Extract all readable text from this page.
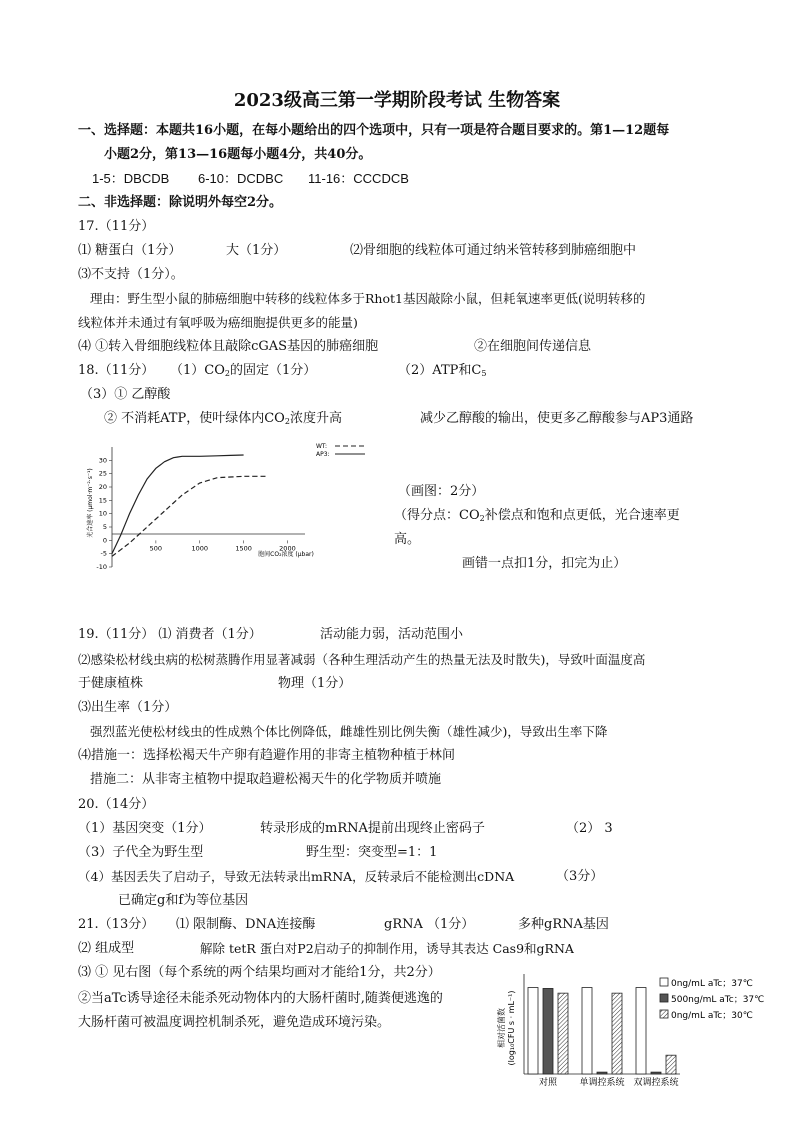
2023级高三第一学期阶段考试 生物答案
一、选择题：本题共16小题，在每小题给出的四个选项中，只有一项是符合题目要求的。第1—12题每
小题2分，第13—16题每小题4分，共40分。
1-5：DBCDB 6-10：DCDBC 11-16：CCCDCB
二、非选择题：除说明外每空2分。
17.（11分）
⑴ 糖蛋白（1分）	大（1分）	⑵骨细胞的线粒体可通过纳米管转移到肺癌细胞中
⑶不支持（1分）。
理由：野生型小鼠的肺癌细胞中转移的线粒体多于Rhot1基因敲除小鼠，但耗氧速率更低(说明转移的
线粒体并未通过有氧呼吸为癌细胞提供更多的能量)
⑷ ①转入骨细胞线粒体且敲除cGAS基因的肺癌细胞	②在细胞间传递信息
18.（11分） $(1)CO_2$的固定（1分）	（2）ATP和$C_5$
（3）① 乙醇酸
② 不消耗ATP，使叶绿体内$CO_2$浓度升高	减少乙醇酸的输出，使更多乙醇酸参与AP3通路
光合速率 (μmol·m⁻²·s⁻¹)
30
25
20
15
10
5
0
-5
-10
500	1000	1500	2000
胞间CO₂浓度 (μbar)
WT:
AP3:
（画图：2分）
（得分点：$CO_2$补偿点和饱和点更低，光合速率更
高。
画错一点扣1分，扣完为止）
19.（11分） ⑴ 消费者（1分）	活动能力弱，活动范围小
⑵感染松材线虫病的松树蒸腾作用显著减弱（各种生理活动产生的热量无法及时散失)，导致叶面温度高
于健康植株	物理（1分）
⑶出生率（1分）
强烈蓝光使松材线虫的性成熟个体比例降低，雌雄性别比例失衡（雄性减少)，导致出生率下降
⑷措施一：选择松褐天牛产卵有趋避作用的非寄主植物种植于林间
措施二：从非寄主植物中提取趋避松褐天牛的化学物质并喷施
20.（14分）
（1）基因突变（1分）	转录形成的mRNA提前出现终止密码子	（2） 3
（3）子代全为野生型	野生型：突变型=1：1
（4）基因丢失了启动子，导致无法转录出mRNA，反转录后不能检测出cDNA	（3分）
已确定g和f为等位基因
21.（13分） ⑴ 限制酶、DNA连接酶	gRNA （1分）	多种gRNA基因
⑵ 组成型	解除 tetR 蛋白对P2启动子的抑制作用，诱导其表达 Cas9和gRNA
⑶ ① 见右图（每个系统的两个结果均画对才能给1分，共2分）
②当aTc诱导途径未能杀死动物体内的大肠杆菌时,随粪便逃逸的
大肠杆菌可被温度调控机制杀死，避免造成环境污染。	相对活菌数(log₁₀CFU s · mL⁻¹)
对照 单调控系统 双调控系统
0ng/mL aTc；37℃
500ng/mL aTc；37℃
0ng/mL aTc；30℃
